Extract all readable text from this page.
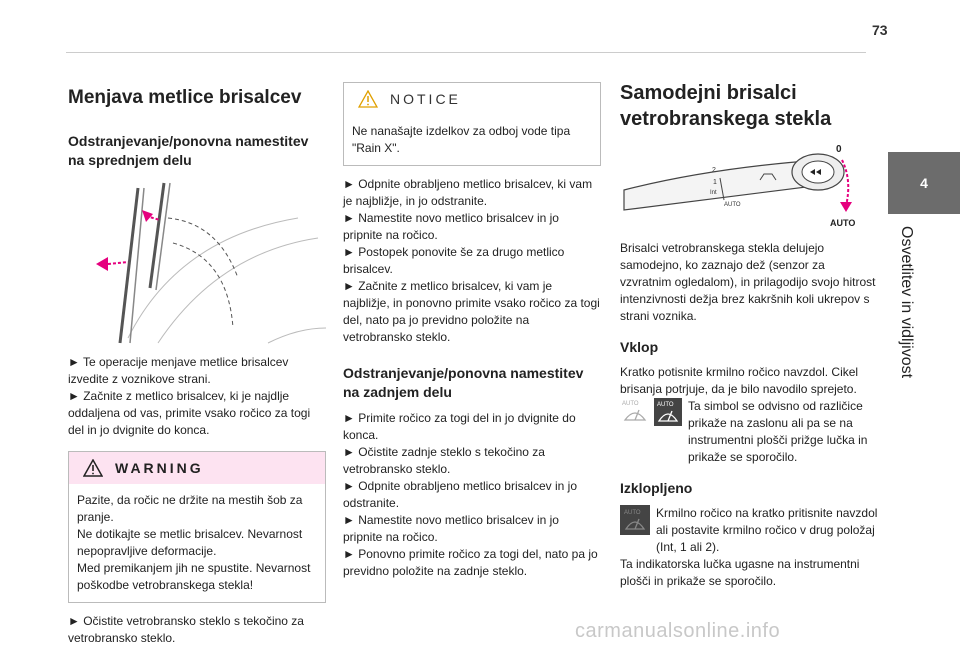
73
4
Osvetlitev in vidljivost
Menjava metlice brisalcev
Odstranjevanje/ponovna namestitev na sprednjem delu

► Te operacije menjave metlice brisalcev izvedite z voznikove strani.

► Začnite z metlico brisalcev, ki je najdlje oddaljena od vas, primite vsako ročico za togi del in jo dvignite do konca.

WARNING

Pazite, da ročic ne držite na mestih šob za pranje.

Ne dotikajte se metlic brisalcev. Nevarnost nepopravljive deformacije.

Med premikanjem jih ne spustite. Nevarnost poškodbe vetrobranskega stekla!

► Očistite vetrobransko steklo s tekočino za vetrobransko steklo.

NOTICE
Ne nanašajte izdelkov za odboj vode tipa "Rain X".

► Odpnite obrabljeno metlico brisalcev, ki vam je najbližje, in jo odstranite.

► Namestite novo metlico brisalcev in jo pripnite na ročico.

► Postopek ponovite še za drugo metlico brisalcev.

► Začnite z metlico brisalcev, ki vam je najbližje, in ponovno primite vsako ročico za togi del, nato pa jo previdno položite na vetrobransko steklo.

Odstranjevanje/ponovna namestitev na zadnjem delu

► Primite ročico za togi del in jo dvignite do konca.

► Očistite zadnje steklo s tekočino za vetrobransko steklo.

► Odpnite obrabljeno metlico brisalcev in jo odstranite.

► Namestite novo metlico brisalcev in jo pripnite na ročico.

► Ponovno primite ročico za togi del, nato pa jo previdno položite na zadnje steklo.

Samodejni brisalci
vetrobranskega stekla
2
1
Int
AUTO
0
AUTO

Brisalci vetrobranskega stekla delujejo samodejno, ko zaznajo dež (senzor za vzvratnim ogledalom), in prilagodijo svojo hitrost intenzivnosti dežja brez kakršnih koli ukrepov s strani voznika.

Vklop

Kratko potisnite krmilno ročico navzdol. Cikel brisanja potrjuje, da je bilo navodilo sprejeto.

AUTO	AUTO Ta simbol se odvisno od različice prikaže na zaslonu ali pa se na instrumentni plošči prižge lučka in prikaže se sporočilo.

Izklopljeno
AUTO Krmilno ročico na kratko pritisnite navzdol ali postavite krmilno ročico v drug položaj (Int, 1 ali 2).

Ta indikatorska lučka ugasne na instrumentni plošči in prikaže se sporočilo.

carmanualsonline.info
